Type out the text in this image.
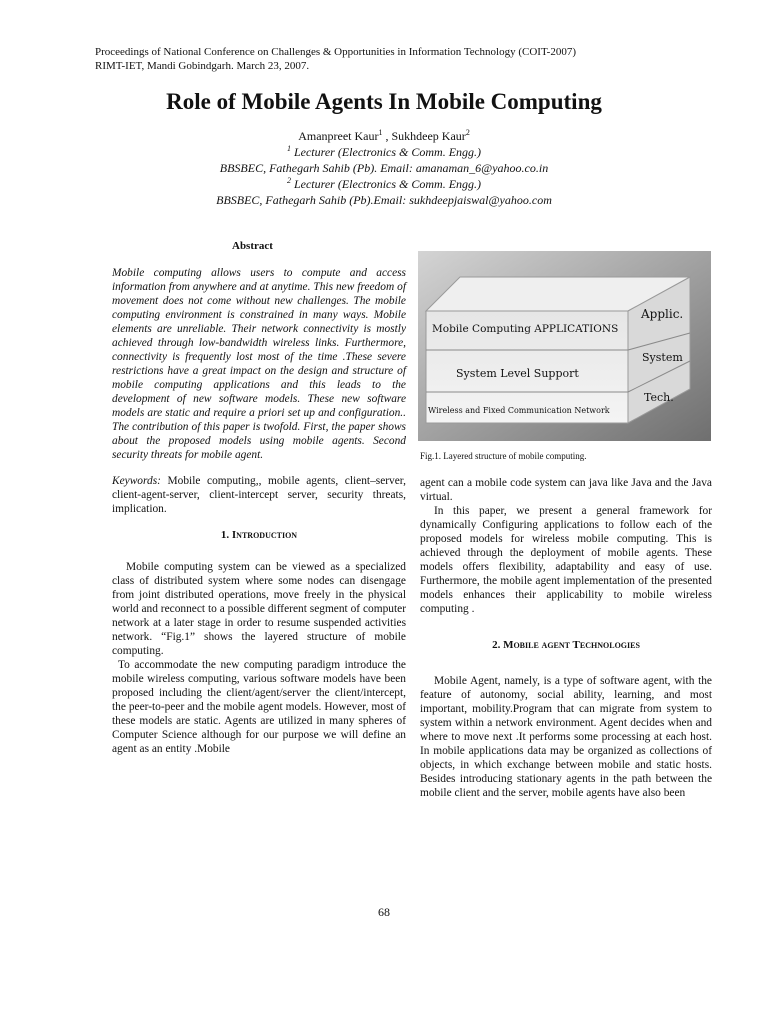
Proceedings of National Conference on Challenges & Opportunities in Information Technology (COIT-2007)
RIMT-IET, Mandi Gobindgarh. March 23, 2007.
Role of Mobile Agents In Mobile Computing
Amanpreet Kaur$^1$ , Sukhdeep Kaur$^2$
$^1$ Lecturer (Electronics & Comm. Engg.)
BBSBEC, Fathegarh Sahib (Pb). Email: amanaman_6@yahoo.co.in
$^2$ Lecturer (Electronics & Comm. Engg.)
BBSBEC, Fathegarh Sahib (Pb).Email: sukhdeepjaiswal@yahoo.com
Abstract

Mobile computing allows users to compute and access information from anywhere and at anytime. This new freedom of movement does not come without new challenges. The mobile computing environment is constrained in many ways. Mobile elements are unreliable. Their network connectivity is mostly achieved through low-bandwidth wireless links. Furthermore, connectivity is frequently lost most of the time .These severe restrictions have a great impact on the design and structure of mobile computing applications and this leads to the development of new software models. These new software models are static and require a priori set up and configuration.. The contribution of this paper is twofold. First, the paper shows about the proposed models using mobile agents. Second security threats for mobile agent.

Keywords: Mobile computing,, mobile agents, client–server, client-agent-server, client-intercept server, security threats, implication.

1. Introduction

Mobile computing system can be viewed as a specialized class of distributed system where some nodes can disengage from joint distributed operations, move freely in the physical world and reconnect to a possible different segment of computer network at a later stage in order to resume suspended activities network. “Fig.1” shows the layered structure of mobile computing.

To accommodate the new computing paradigm introduce the mobile wireless computing, various software models have been proposed including the client/agent/server the client/intercept, the peer-to-peer and the mobile agent models. However, most of these models are static. Agents are utilized in many spheres of Computer Science although for our purpose we will define an agent as an entity .Mobile

Mobile Computing APPLICATIONS
System Level Support
Wireless and Fixed Communication Network
Applic.
System
Tech.
Fig.1. Layered structure of mobile computing.

agent can a mobile code system can java like Java and the Java virtual.

In this paper, we present a general framework for dynamically Configuring applications to follow each of the proposed models for wireless mobile computing. This is achieved through the deployment of mobile agents. These models offers flexibility, adaptability and easy of use. Furthermore, the mobile agent implementation of the presented models enhances their applicability to mobile wireless computing .

2. Mobile agent Technologies

Mobile Agent, namely, is a type of software agent, with the feature of autonomy, social ability, learning, and most important, mobility.Program that can migrate from system to system within a network environment. Agent decides when and where to move next .It performs some processing at each host. In mobile applications data may be organized as collections of objects, in which exchange between mobile and static hosts. Besides introducing stationary agents in the path between the mobile client and the server, mobile agents have also been

68
